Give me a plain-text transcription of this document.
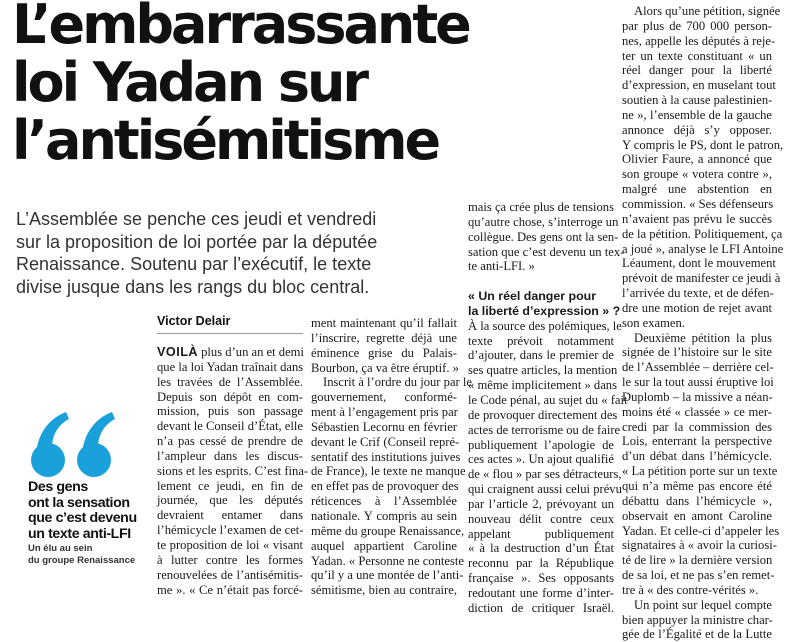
L’embarrassante
loi Yadan sur
l’antisémitisme

L’Assemblée se penche ces jeudi et vendredi
sur la proposition de loi portée par la députée
Renaissance. Soutenu par l’exécutif, le texte
divise jusque dans les rangs du bloc central.

Victor Delair
Des gens
ont la sensation
que c’est devenu
un texte anti-LFI
Un élu au sein
du groupe Renaissance
VOILÀ plus d’un an et demi
que la loi Yadan traînait dans
les travées de l’Assemblée.
Depuis son dépôt en com-
mission, puis son passage
devant le Conseil d’État, elle
n’a pas cessé de prendre de
l’ampleur dans les discus-
sions et les esprits. C’est fina-
lement ce jeudi, en fin de
journée, que les députés
devraient entamer dans
l’hémicycle l’examen de cet-
te proposition de loi « visant
à lutter contre les formes
renouvelées de l’antisémitis-
me ». « Ce n’était pas forcé-
ment maintenant qu’il fallait
l’inscrire, regrette déjà une
éminence grise du Palais-
Bourbon, ça va être éruptif. »
Inscrit à l’ordre du jour par le
gouvernement, conformé-
ment à l’engagement pris par
Sébastien Lecornu en février
devant le Crif (Conseil repré-
sentatif des institutions juives
de France), le texte ne manque
en effet pas de provoquer des
réticences à l’Assemblée
nationale. Y compris au sein
même du groupe Renaissance,
auquel appartient Caroline
Yadan. « Personne ne conteste
qu’il y a une montée de l’anti-
sémitisme, bien au contraire,
mais ça crée plus de tensions
qu’autre chose, s’interroge un
collègue. Des gens ont la sen-
sation que c’est devenu un tex-
te anti-LFI. »

« Un réel danger pour
la liberté d’expression » ?
À la source des polémiques, le
texte prévoit notamment
d’ajouter, dans le premier de
ses quatre articles, la mention
« même implicitement » dans
le Code pénal, au sujet du « fait
de provoquer directement des
actes de terrorisme ou de faire
publiquement l’apologie de
ces actes ». Un ajout qualifié
de « flou » par ses détracteurs,
qui craignent aussi celui prévu
par l’article 2, prévoyant un
nouveau délit contre ceux
appelant publiquement
« à la destruction d’un État
reconnu par la République
française ». Ses opposants
redoutant une forme d’inter-
diction de critiquer Israël.
Alors qu’une pétition, signée
par plus de 700 000 person-
nes, appelle les députés à reje-
ter un texte constituant « un
réel danger pour la liberté
d’expression, en muselant tout
soutien à la cause palestinien-
ne », l’ensemble de la gauche
annonce déjà s’y opposer.
Y compris le PS, dont le patron,
Olivier Faure, a annoncé que
son groupe « votera contre »,
malgré une abstention en
commission. « Ses défenseurs
n’avaient pas prévu le succès
de la pétition. Politiquement, ça
a joué », analyse le LFI Antoine
Léaument, dont le mouvement
prévoit de manifester ce jeudi à
l’arrivée du texte, et de défen-
dre une motion de rejet avant
son examen.
Deuxième pétition la plus
signée de l’histoire sur le site
de l’Assemblée – derrière cel-
le sur la tout aussi éruptive loi
Duplomb – la missive a néan-
moins été « classée » ce mer-
credi par la commission des
Lois, enterrant la perspective
d’un débat dans l’hémicycle.
« La pétition porte sur un texte
qui n’a même pas encore été
débattu dans l’hémicycle »,
observait en amont Caroline
Yadan. Et celle-ci d’appeler les
signataires à « avoir la curiosi-
té de lire » la dernière version
de sa loi, et ne pas s’en remet-
tre à « des contre-vérités ».
Un point sur lequel compte
bien appuyer la ministre char-
gée de l’Égalité et de la Lutte
